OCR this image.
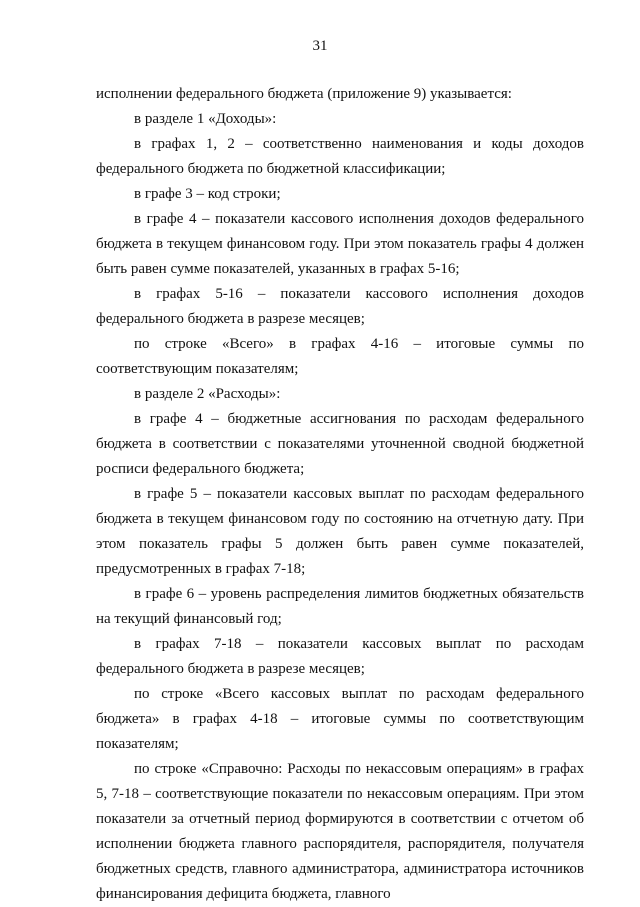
31

исполнении федерального бюджета (приложение 9) указывается:

в разделе 1 «Доходы»:

в графах 1, 2 – соответственно наименования и коды доходов федерального бюджета по бюджетной классификации;

в графе 3 – код строки;

в графе 4 – показатели кассового исполнения доходов федерального бюджета в текущем финансовом году. При этом показатель графы 4 должен быть равен сумме показателей, указанных в графах 5-16;

в графах 5-16 – показатели кассового исполнения доходов федерального бюджета в разрезе месяцев;

по строке «Всего» в графах 4-16 – итоговые суммы по соответствующим показателям;

в разделе 2 «Расходы»:

в графе 4 – бюджетные ассигнования по расходам федерального бюджета в соответствии с показателями уточненной сводной бюджетной росписи федерального бюджета;

в графе 5 – показатели кассовых выплат по расходам федерального бюджета в текущем финансовом году по состоянию на отчетную дату. При этом показатель графы 5 должен быть равен сумме показателей, предусмотренных в графах 7-18;

в графе 6 – уровень распределения лимитов бюджетных обязательств на текущий финансовый год;

в графах 7-18 – показатели кассовых выплат по расходам федерального бюджета в разрезе месяцев;

по строке «Всего кассовых выплат по расходам федерального бюджета» в графах 4-18 – итоговые суммы по соответствующим показателям;

по строке «Справочно: Расходы по некассовым операциям» в графах 5, 7-18 – соответствующие показатели по некассовым операциям. При этом показатели за отчетный период формируются в соответствии с отчетом об исполнении бюджета главного распорядителя, распорядителя, получателя бюджетных средств, главного администратора, администратора источников финансирования дефицита бюджета, главного
